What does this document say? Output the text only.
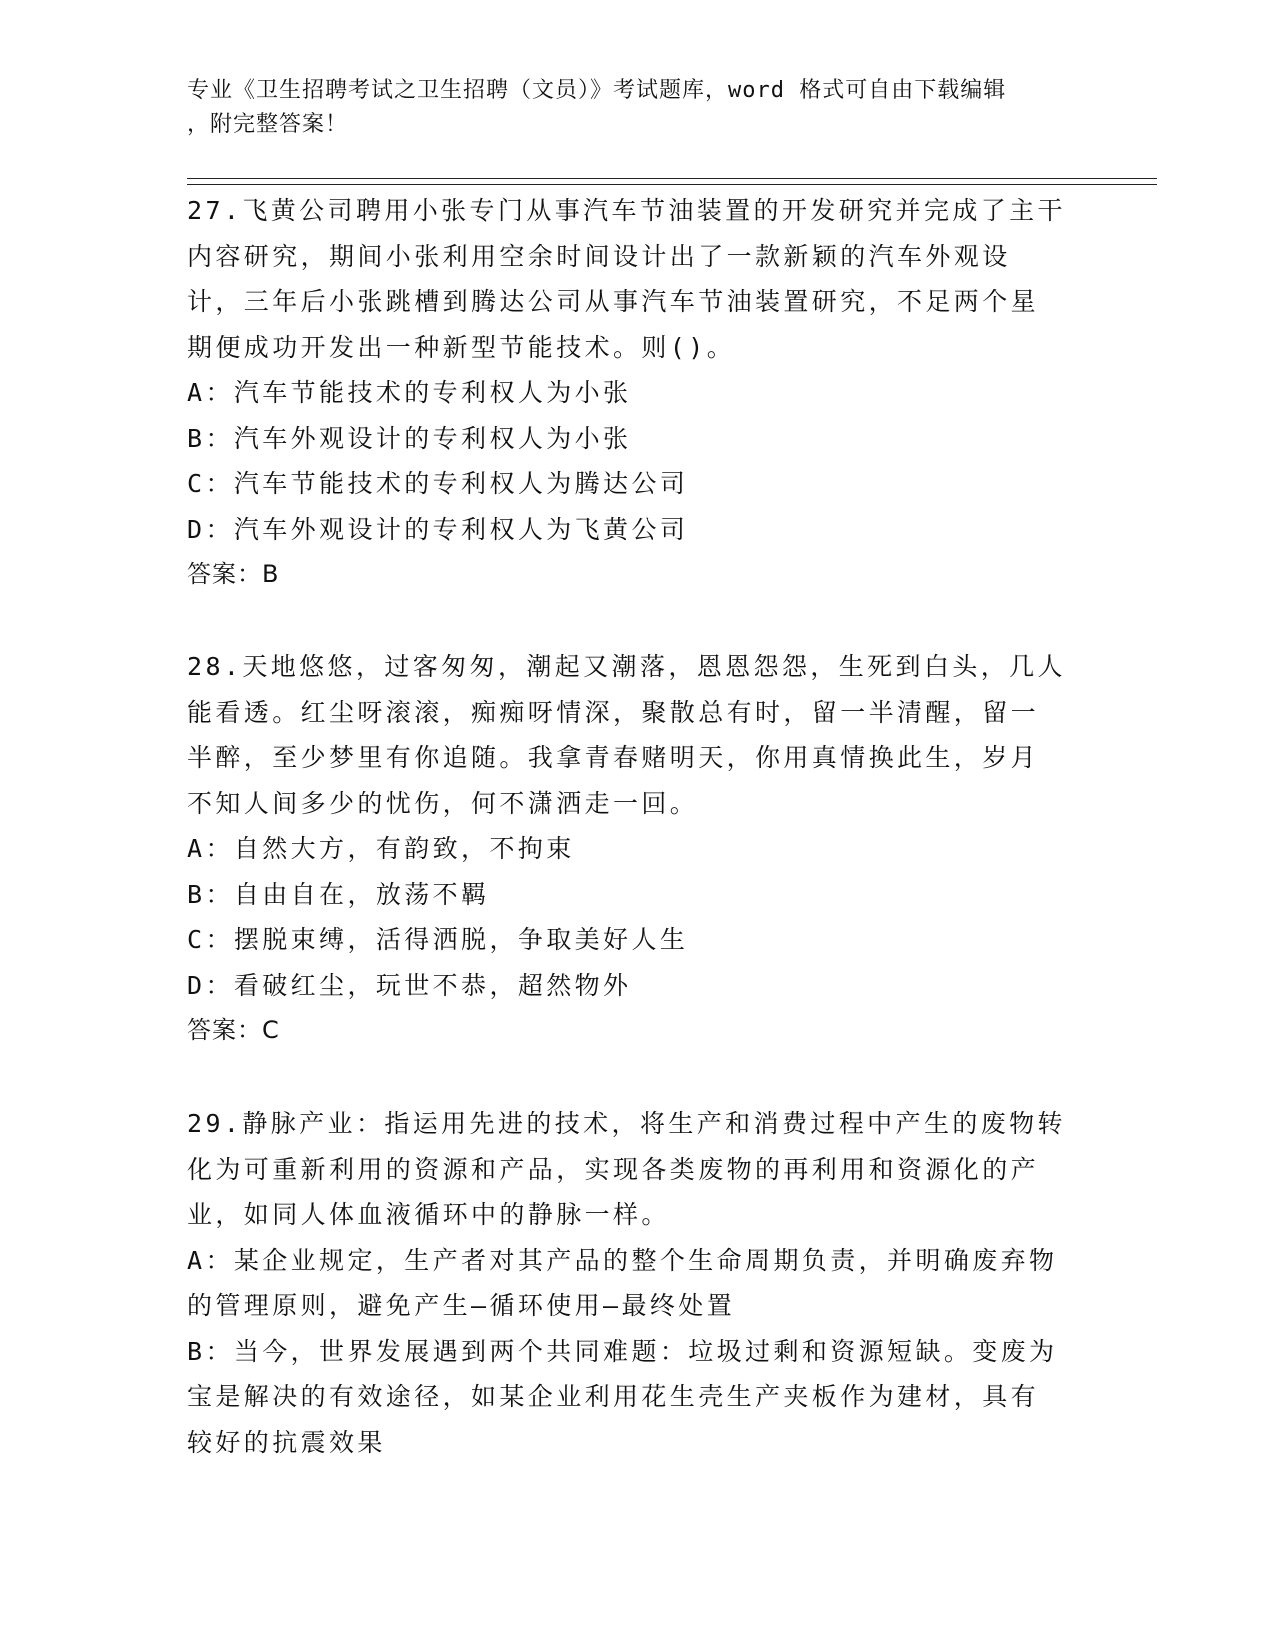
专业《卫生招聘考试之卫生招聘（文员）》考试题库，word 格式可自由下载编辑
，附完整答案！

27.飞黄公司聘用小张专门从事汽车节油装置的开发研究并完成了主干内容研究，期间小张利用空余时间设计出了一款新颖的汽车外观设计，三年后小张跳槽到腾达公司从事汽车节油装置研究，不足两个星期便成功开发出一种新型节能技术。则()。

A：汽车节能技术的专利权人为小张

B：汽车外观设计的专利权人为小张

C：汽车节能技术的专利权人为腾达公司

D：汽车外观设计的专利权人为飞黄公司

答案：B

28.天地悠悠，过客匆匆，潮起又潮落，恩恩怨怨，生死到白头，几人能看透。红尘呀滚滚，痴痴呀情深，聚散总有时，留一半清醒，留一半醉，至少梦里有你追随。我拿青春赌明天，你用真情换此生，岁月不知人间多少的忧伤，何不潇洒走一回。

A：自然大方，有韵致，不拘束

B：自由自在，放荡不羁

C：摆脱束缚，活得洒脱，争取美好人生

D：看破红尘，玩世不恭，超然物外

答案：C

29.静脉产业：指运用先进的技术，将生产和消费过程中产生的废物转化为可重新利用的资源和产品，实现各类废物的再利用和资源化的产业，如同人体血液循环中的静脉一样。

A：某企业规定，生产者对其产品的整个生命周期负责，并明确废弃物的管理原则，避免产生—循环使用—最终处置

B：当今，世界发展遇到两个共同难题：垃圾过剩和资源短缺。变废为宝是解决的有效途径，如某企业利用花生壳生产夹板作为建材，具有较好的抗震效果
